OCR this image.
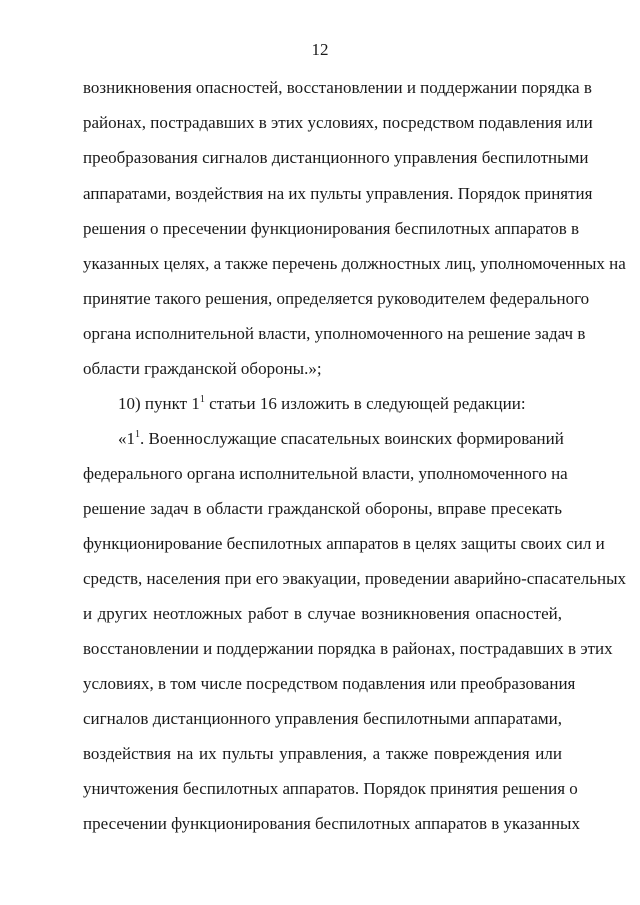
12
возникновения опасностей, восстановлении и поддержании порядка в
районах, пострадавших в этих условиях, посредством подавления или
преобразования сигналов дистанционного управления беспилотными
аппаратами, воздействия на их пульты управления. Порядок принятия
решения о пресечении функционирования беспилотных аппаратов в
указанных целях, а также перечень должностных лиц, уполномоченных на
принятие такого решения, определяется руководителем федерального
органа исполнительной власти, уполномоченного на решение задач в
области гражданской обороны.»;
10) пункт $1^1$ статьи 16 изложить в следующей редакции:
«$1^1$. Военнослужащие спасательных воинских формирований
федерального органа исполнительной власти, уполномоченного на
решение задач в области гражданской обороны, вправе пресекать
функционирование беспилотных аппаратов в целях защиты своих сил и
средств, населения при его эвакуации, проведении аварийно-спасательных
и других неотложных работ в случае возникновения опасностей,
восстановлении и поддержании порядка в районах, пострадавших в этих
условиях, в том числе посредством подавления или преобразования
сигналов дистанционного управления беспилотными аппаратами,
воздействия на их пульты управления, а также повреждения или
уничтожения беспилотных аппаратов. Порядок принятия решения о
пресечении функционирования беспилотных аппаратов в указанных
